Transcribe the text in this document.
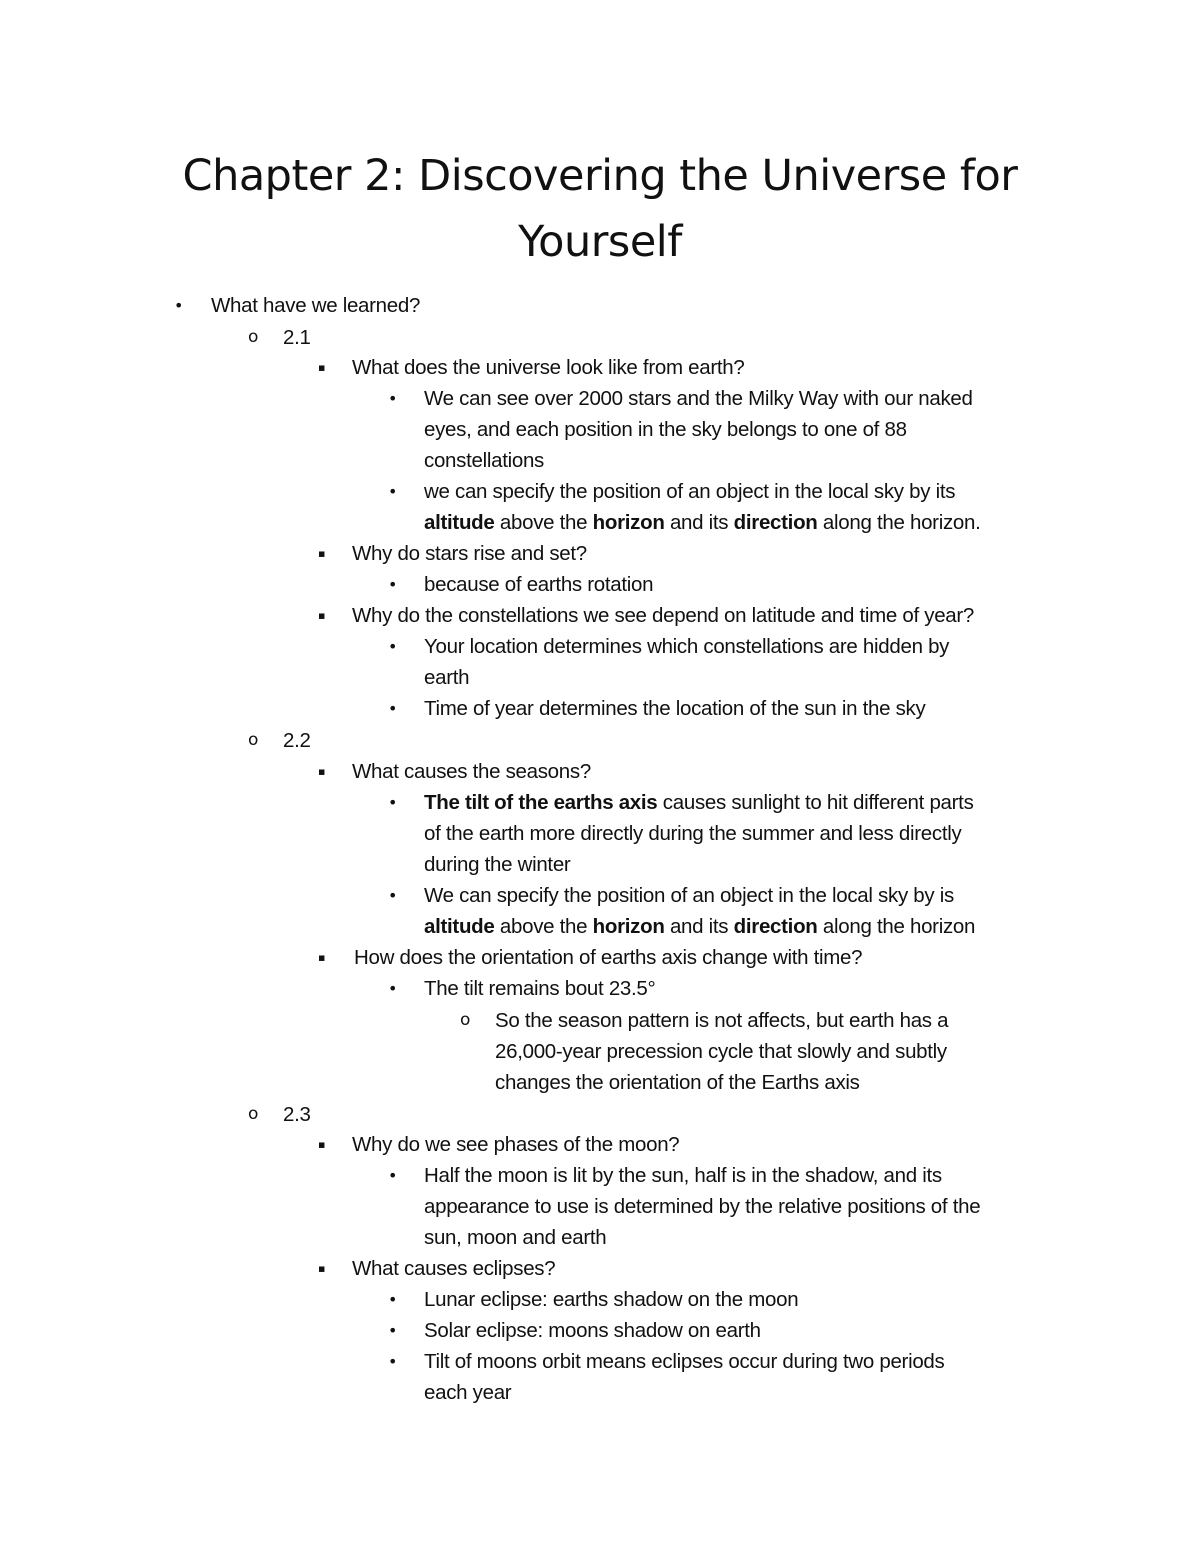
Chapter 2: Discovering the Universe for
Yourself
• What have we learned?
o 2.1
▪ What does the universe look like from earth?
• We can see over 2000 stars and the Milky Way with our naked
eyes, and each position in the sky belongs to one of 88
constellations
• we can specify the position of an object in the local sky by its
altitude above the horizon and its direction along the horizon.
▪ Why do stars rise and set?
• because of earths rotation
▪ Why do the constellations we see depend on latitude and time of year?
• Your location determines which constellations are hidden by
earth
• Time of year determines the location of the sun in the sky
o 2.2
▪ What causes the seasons?
• The tilt of the earths axis causes sunlight to hit different parts
of the earth more directly during the summer and less directly
during the winter
• We can specify the position of an object in the local sky by is
altitude above the horizon and its direction along the horizon
▪ How does the orientation of earths axis change with time?
• The tilt remains bout 23.5°
o So the season pattern is not affects, but earth has a
26,000-year precession cycle that slowly and subtly
changes the orientation of the Earths axis
o 2.3
▪ Why do we see phases of the moon?
• Half the moon is lit by the sun, half is in the shadow, and its
appearance to use is determined by the relative positions of the
sun, moon and earth
▪ What causes eclipses?
• Lunar eclipse: earths shadow on the moon
• Solar eclipse: moons shadow on earth
• Tilt of moons orbit means eclipses occur during two periods
each year
